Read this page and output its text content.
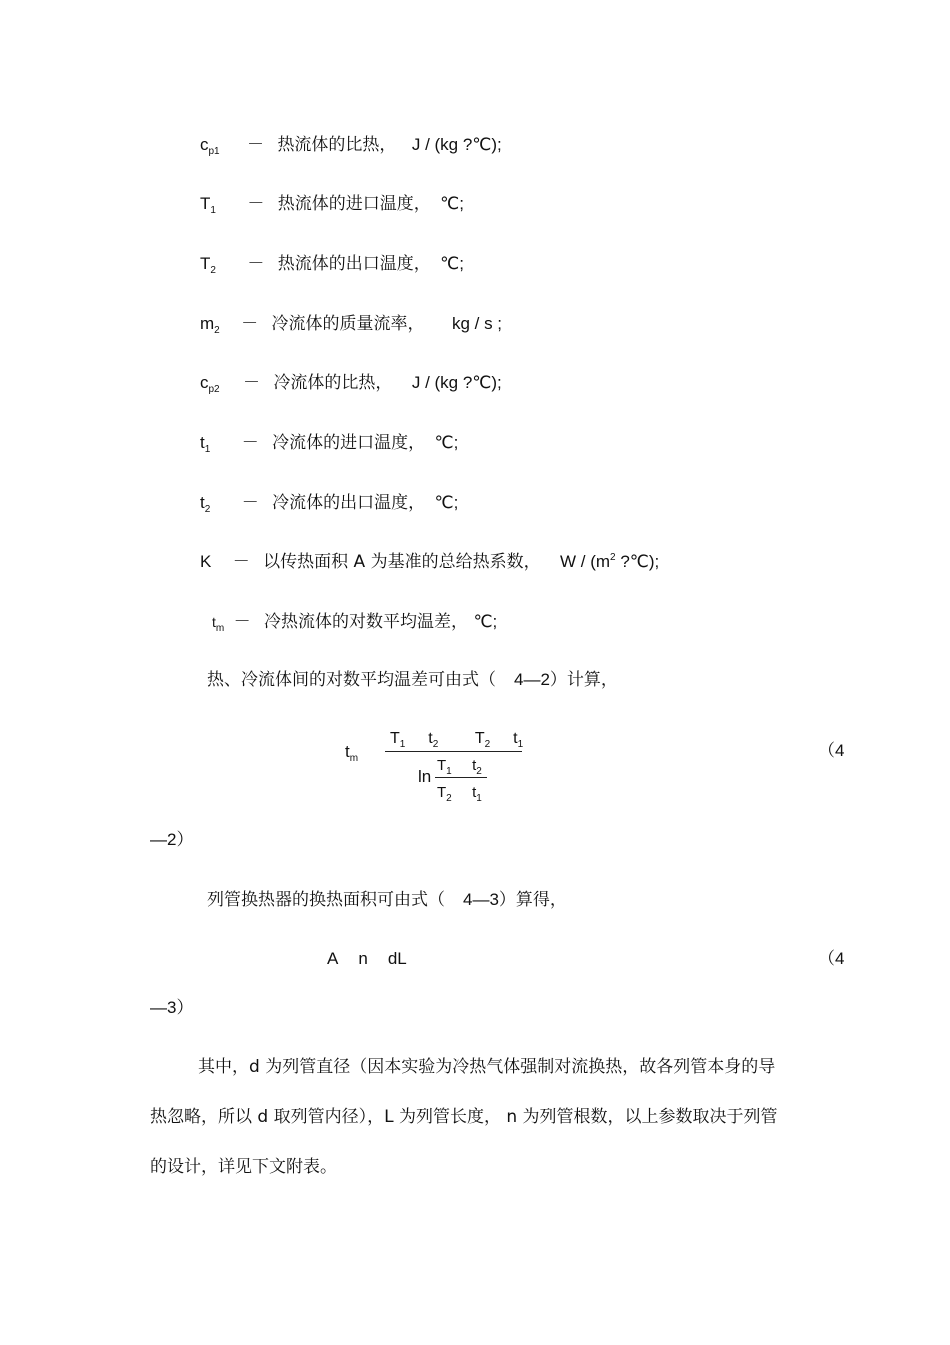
$c_{p1}$ － 热流体的比热， J / (kg ?℃);
$T_1$ － 热流体的进口温度， ℃;
$T_2$ － 热流体的出口温度， ℃;
$m_2$ － 冷流体的质量流率， kg / s ;
$c_{p2}$ － 冷流体的比热， J / (kg ?℃);
$t_1$ － 冷流体的进口温度， ℃;
$t_2$ － 冷流体的出口温度， ℃;
K － 以传热面积 A 为基准的总给热系数， W / ($m^2$ ?℃);
$t_m$ － 冷热流体的对数平均温差， ℃;
热、冷流体间的对数平均温差可由式（ 4—2）计算，
$t_m$
$T_1$ $t_2$ $T_2$ $t_1$
ln
$T_1$ $t_2$
$T_2$ $t_1$
（4
—2）
列管换热器的换热面积可由式（ 4—3）算得，
A n dL	（4
—3）
其中，d 为列管直径（因本实验为冷热气体强制对流换热，故各列管本身的导
热忽略，所以 d 取列管内径），L 为列管长度， n 为列管根数，以上参数取决于列管
的设计，详见下文附表。
